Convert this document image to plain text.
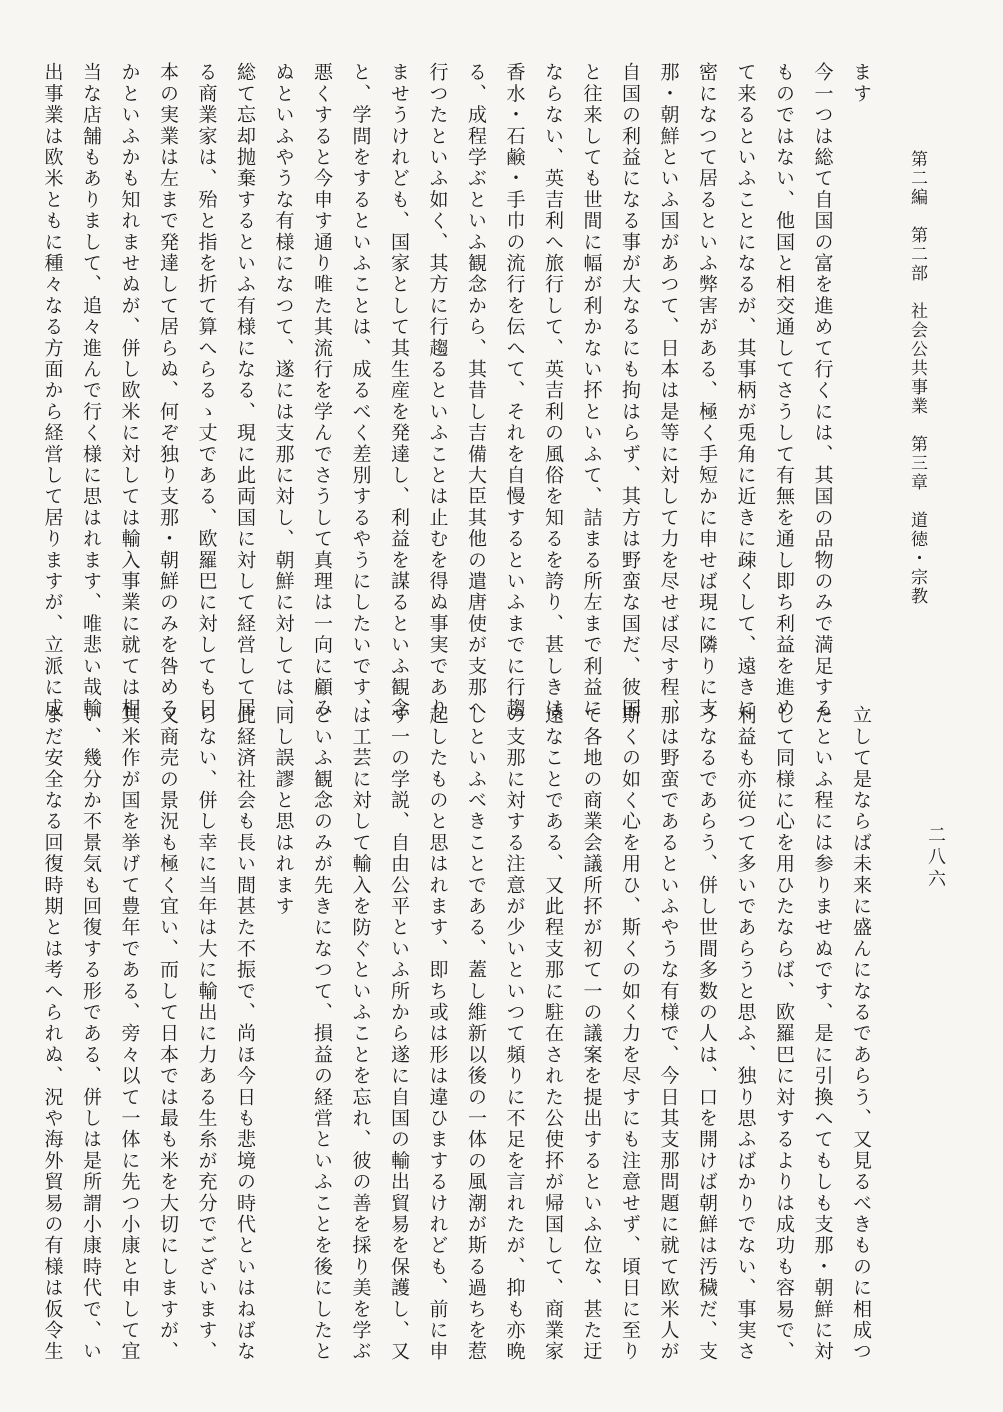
第二編　第二部　社会公共事業　第三章　道徳・宗教
二八六
ます
今一つは総て自国の富を進めて行くには、其国の品物のみで満足する
ものではない、他国と相交通してさうして有無を通し即ち利益を進め
て来るといふことになるが、其事柄が兎角に近きに疎くして、遠きに
密になつて居るといふ弊害がある、極く手短かに申せば現に隣りに支
那・朝鮮といふ国があつて、日本は是等に対して力を尽せば尽す程、
自国の利益になる事が大なるにも拘はらず、其方は野蛮な国だ、彼国
と往来しても世間に幅が利かない抔といふて、詰まる所左まで利益に
ならない、英吉利へ旅行して、英吉利の風俗を知るを誇り、甚しきは
香水・石鹸・手巾の流行を伝へて、それを自慢するといふまでに行趨
る、成程学ぶといふ観念から、其昔し吉備大臣其他の遣唐使が支那へ
行つたといふ如く、其方に行趨るといふことは止むを得ぬ事実であり
ませうけれども、国家として其生産を発達し、利益を謀るといふ観念
と、学問をするといふことは、成るべく差別するやうにしたいです、
悪くすると今申す通り唯た其流行を学んでさうして真理は一向に顧み
ぬといふやうな有様になつて、遂には支那に対し、朝鮮に対しては、
総て忘却抛棄するといふ有様になる、現に此両国に対して経営して居
る商業家は、殆と指を折て算へらるゝ丈である、欧羅巴に対しても日
本の実業は左まで発達して居らぬ、何ぞ独り支那・朝鮮のみを咎める
かといふかも知れませぬが、併し欧米に対しては輸入事業に就ては相
当な店舗もありまして、追々進んで行く様に思はれます、唯悲い哉輸
出事業は欧米ともに種々なる方面から経営して居りますが、立派に成
立して是ならば未来に盛んになるであらう、又見るべきものに相成つ
たといふ程には参りませぬです、是に引換へてもしも支那・朝鮮に対
して同様に心を用ひたならば、欧羅巴に対するよりは成功も容易で、
利益も亦従つて多いであらうと思ふ、独り思ふばかりでない、事実さ
うなるであらう、併し世間多数の人は、口を開けば朝鮮は汚穢だ、支
那は野蛮であるといふやうな有様で、今日其支那問題に就て欧米人が
斯くの如く心を用ひ、斯くの如く力を尽すにも注意せず、頃日に至り
て各地の商業会議所抔が初て一の議案を提出するといふ位な、甚た迂
遠なことである、又此程支那に駐在された公使抔が帰国して、商業家
の支那に対する注意が少いといつて頻りに不足を言れたが、抑も亦晩
しといふべきことである、蓋し維新以後の一体の風潮が斯る過ちを惹
起したものと思はれます、即ち或は形は違ひまするけれども、前に申
す一の学説、自由公平といふ所から遂に自国の輸出貿易を保護し、又
は工芸に対して輸入を防ぐといふことを忘れ、彼の善を採り美を学ぶ
といふ観念のみが先きになつて、損益の経営といふことを後にしたと
同し誤謬と思はれます
此経済社会も長い間甚た不振で、尚ほ今日も悲境の時代といはねばな
らない、併し幸に当年は大に輸出に力ある生糸が充分でございます、
又商売の景況も極く宜い、而して日本では最も米を大切にしますが、
其米作が国を挙げて豊年である、旁々以て一体に先つ小康と申して宜
い、幾分か不景気も回復する形である、併しは是所謂小康時代で、い
まだ安全なる回復時期とは考へられぬ、況や海外貿易の有様は仮令生
